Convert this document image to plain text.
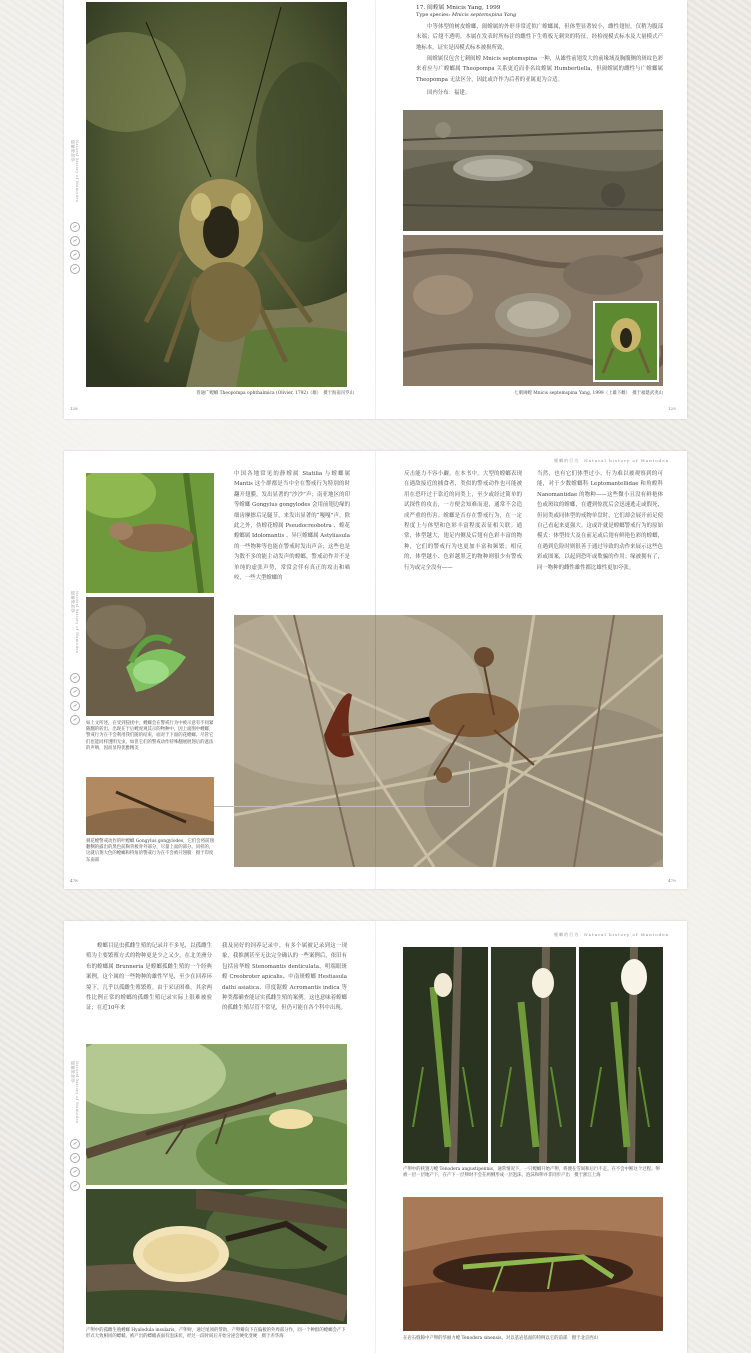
螳螂博物學 Natural history of Mantodea
普通广螳螂 Theopompa ophthalmica (Olivier, 1792)（雄）　摄于海南吊罗山
128
17. 闽螳属 Mnicis Yang, 1999
Type species: Mnicis septemspina Yang
中等体型的树皮螳螂，闽螳属的外形非常近似广螳螂属，但体型显著较小，雌性翅短，仅稍为腹部末端；后翅不透明。本属在发表时所标注的雌性下生殖板无刺突的特征，经检视模式标本及大量模式产地标本，证实是因模式标本被损所致。
闽螳属仅包含七刺闽螳 Mnicis septemspina 一种，从雄性前翅发大的前缘域及胸腹侧的斑纹色彩来看应与广螳螂属 Theopompa 关系更近而非名纹螳属 Humbertiella，但闽螳属的雌性与广螳螂属 Theopompa 无法区分，因此或许作为后者的亚属更为合适。
国内分布：福建。
七刺闽螳 Mnicis septemspina Yang, 1999（上雄下雌）　摄于福建武夷山
129
螳螂的行为　Natural history of Mantodea
螳螂博物學 Natural history of Mantodea
如上文所述，在受到侵扰中，螳螂会在警戒行为中被示意有不同紧随翻的转出，出现在于后螳虎观其示的物种中，因上面图中螳螂，警戒行为在不会利用我们随的结束，面对于下面的花螳螂，尽管它们也能同样透明无虫。如但它们的警戒动作特殊翻展展翅后的遮法的声响，因而显得优雅精美
刺花螳警戒动作的叶螳螂 Gongylus gongylodes，它们会将前翅翻侧的露出的黑色前胸背板骨外部分，尽量上面的部分。同样的，这就后翅大色的螳螂和特角的警戒行为在不会被开翅膜　摄于印度东南部
478
中国各地常见的静螳属 Statilia 与螳螂属 Mantis 这个群都是当中全在警戒行为特别的时翻开翅膜，发出显著的“沙沙”声；南亚地区的印等螳螂 Gongylus gongylodes 会用前翅边缘的细齿摩擦后足腿节，来发出显著的“嘎嘎”声。除此之外，伪螳花螳属 Pseudocreobotra 、螳花螳螂属 Idolomantis 、异巨螳螂属 Astyliasula 的一些物种等也能在警戒时发出声音；这些也是为数不多的能主动发声的螳螂。警戒动作并不是单纯的虚张声势，常常会伴有真正的攻击和啮咬，一些大型螳螂的
反击能力不容小觑。在本书中，大型的螳螂表现在遇敌接近的捕食者，类似的警戒动作也可能被用在恐吓过于靠近的同类上，至少或经过简单的试探性的攻击，一方便会知难而退，通常不会造成严重的伤害。螳螂是否存在警戒行为，在一定程度上与体型和色彩丰富程度表征相关联。通常，体型越大，翅足内侧及后翅有色彩丰富的物种，它们的警戒行为也更加丰富和频繁；相反的，体型越小、色彩越黑乏的物种则很少有警戒行为或完全没有——
当然，也有它们体型过小、行为难以被观察到的可能，对于少数螳螂科 Leptomantellidae 和角螳科 Nanomantidae 的物种——这些微小且没有鲜艳体色或斑纹的螳螂，在遭到惊扰后会迅速逃走或假死，但同类或同体型的戒物单盘时，它们却会展开前足使自己看起来更强大。这或许就是螳螂警戒行为的原始模式：体型较大及在前足或后翅有鲜艳色彩的螳螂，在遇到危险时则很善于通过导致的动作来展示这些色彩或图案，以起到恐吓或欺骗的作用；缘被拥有了，同一物种的雌性雄性都比雄性更加夸张。
479
螳螂的行为　Natural history of Mantodea
螳螂博物學 Natural history of Mantodea
螳螂目昆虫孤雌生殖的记录并不多见，以孤雌生殖为主要繁殖方式的物种更是少之又少。在北美洲分布的螳螂属 Brunneria 是螳螂孤雌生殖的一个经典案例，这个属的一些物种的雄性罕见，至少在回养环境下，几乎以孤雌生殖繁殖。由于采证困难，其余两性比例正常的螳螂的孤雌生殖记录实际上很难被验证；在近10年来
我及同好的饲养记录中，有多个属被记录到这一现象，我推测甚至无法完全确认的一些案例后，依旧有包括齿华螳 Stenomantis denticulata、明端眼斑螳 Creobroter apicalis、中南斑螳螂 Hestiasula dathi asiatica、印度锯螳 Acromantis indica 等种类都确查能证实孤雌生殖的案例。这也意味着螳螂的孤雌生殖尽管不常见，但仍可能在各个科中出现。
产卵中的孤雌生殖螳螂 Hyalodula insularis，产卵时，通过尾须的帮助，产卵瓣向下在偏板的外周部分作，同一个种群的螳螂会产下形式大致相同的螵蛸。被产出的螵蛸表面有泡沫状，经过一段时间后开始分泌会硬化变硬　摄于赤华海
产卵中的狭翅刀螳 Tenodera angustipennis，通常情况下，一只螳螂开始产卵，将便在雪间和后行不走。在不会中断这个过程。卵被一层一层地产下，在产下一层卵时不会在两侧形成一层泡沫，泡沫和卵并非同步产出　摄于浙江上海
在岩石缝隙中产卵的华丽力螳 Tenodera sinensis，对以基岩基面的特例以它的前部　摄于北京西山
